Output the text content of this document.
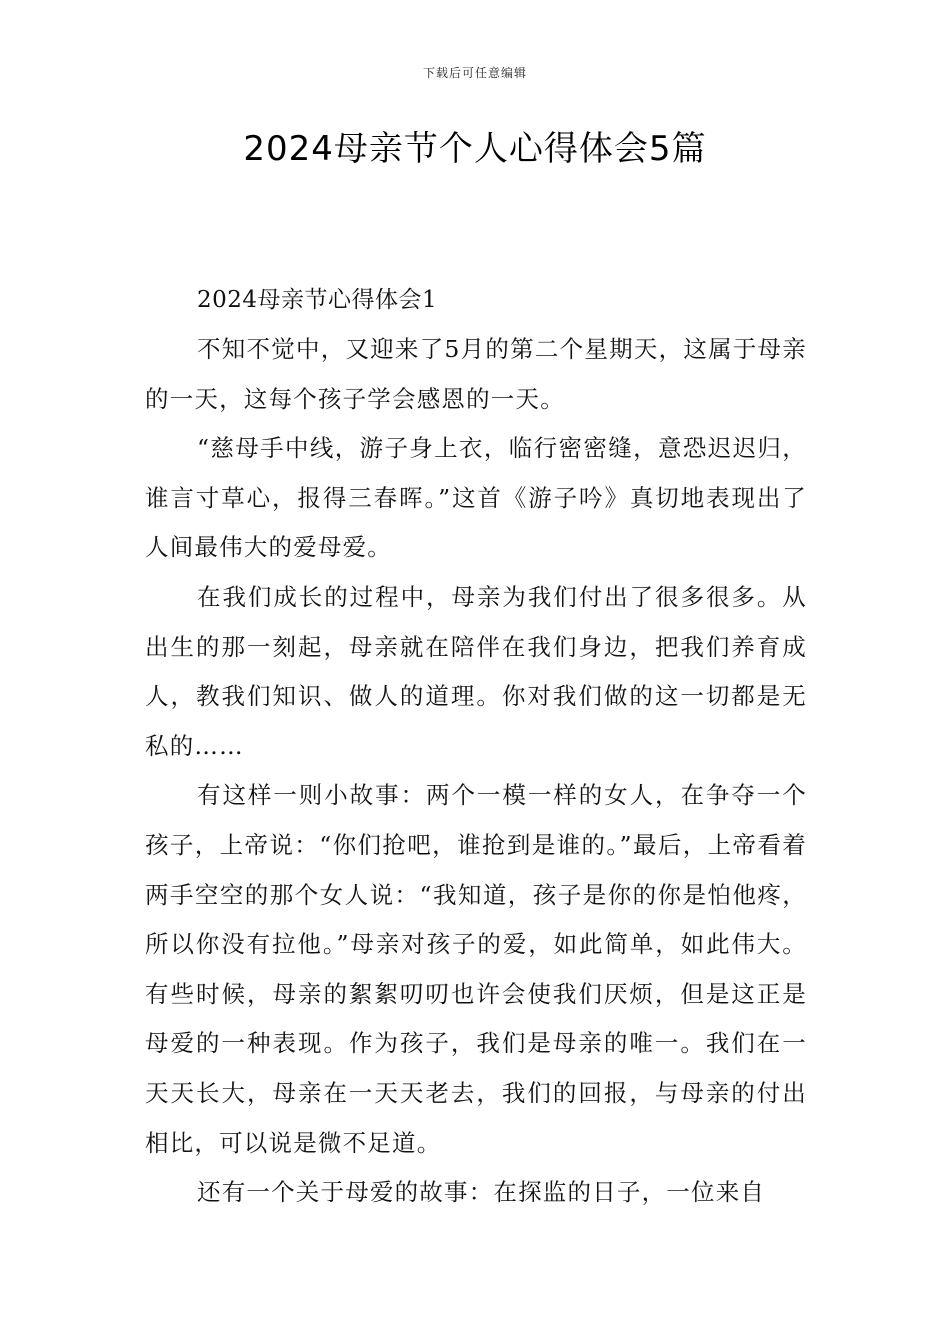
下载后可任意编辑
2024母亲节个人心得体会5篇

2024母亲节心得体会1

不知不觉中，又迎来了5月的第二个星期天，这属于母亲的一天，这每个孩子学会感恩的一天。

“慈母手中线，游子身上衣，临行密密缝，意恐迟迟归，谁言寸草心，报得三春晖。”这首《游子吟》真切地表现出了人间最伟大的爱母爱。

在我们成长的过程中，母亲为我们付出了很多很多。从出生的那一刻起，母亲就在陪伴在我们身边，把我们养育成人，教我们知识、做人的道理。你对我们做的这一切都是无私的……

有这样一则小故事：两个一模一样的女人，在争夺一个孩子，上帝说：“你们抢吧，谁抢到是谁的。”最后，上帝看着两手空空的那个女人说：“我知道，孩子是你的你是怕他疼，所以你没有拉他。”母亲对孩子的爱，如此简单，如此伟大。有些时候，母亲的絮絮叨叨也许会使我们厌烦，但是这正是母爱的一种表现。作为孩子，我们是母亲的唯一。我们在一天天长大，母亲在一天天老去，我们的回报，与母亲的付出相比，可以说是微不足道。

还有一个关于母爱的故事：在探监的日子，一位来自
